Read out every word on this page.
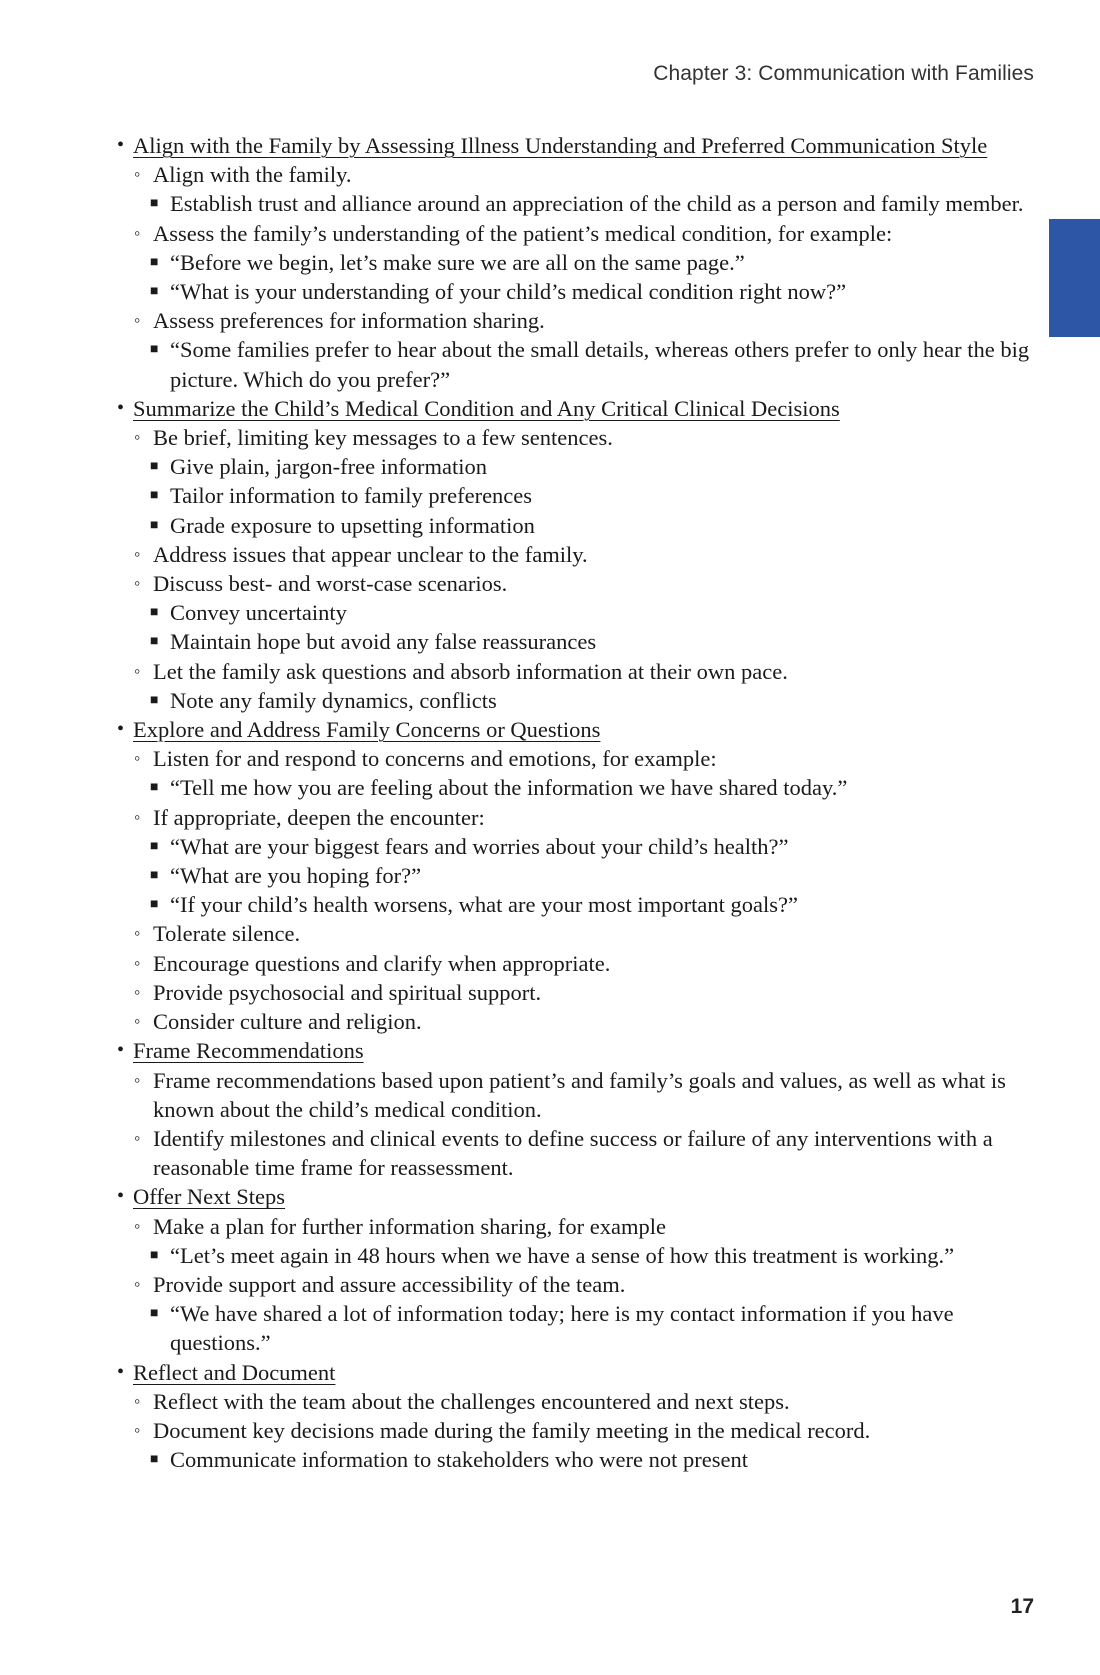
Chapter 3: Communication with Families
• Align with the Family by Assessing Illness Understanding and Preferred Communication Style
◦ Align with the family.
■ Establish trust and alliance around an appreciation of the child as a person and family member.
◦ Assess the family’s understanding of the patient’s medical condition, for example:
■ “Before we begin, let’s make sure we are all on the same page.”
■ “What is your understanding of your child’s medical condition right now?”
◦ Assess preferences for information sharing.
■ “Some families prefer to hear about the small details, whereas others prefer to only hear the big picture. Which do you prefer?”
• Summarize the Child’s Medical Condition and Any Critical Clinical Decisions
◦ Be brief, limiting key messages to a few sentences.
■ Give plain, jargon-free information
■ Tailor information to family preferences
■ Grade exposure to upsetting information
◦ Address issues that appear unclear to the family.
◦ Discuss best- and worst-case scenarios.
■ Convey uncertainty
■ Maintain hope but avoid any false reassurances
◦ Let the family ask questions and absorb information at their own pace.
■ Note any family dynamics, conflicts
• Explore and Address Family Concerns or Questions
◦ Listen for and respond to concerns and emotions, for example:
■ “Tell me how you are feeling about the information we have shared today.”
◦ If appropriate, deepen the encounter:
■ “What are your biggest fears and worries about your child’s health?”
■ “What are you hoping for?”
■ “If your child’s health worsens, what are your most important goals?”
◦ Tolerate silence.
◦ Encourage questions and clarify when appropriate.
◦ Provide psychosocial and spiritual support.
◦ Consider culture and religion.
• Frame Recommendations
◦ Frame recommendations based upon patient’s and family’s goals and values, as well as what is known about the child’s medical condition.
◦ Identify milestones and clinical events to define success or failure of any interventions with a reasonable time frame for reassessment.
• Offer Next Steps
◦ Make a plan for further information sharing, for example
■ “Let’s meet again in 48 hours when we have a sense of how this treatment is working.”
◦ Provide support and assure accessibility of the team.
■ “We have shared a lot of information today; here is my contact information if you have questions.”
• Reflect and Document
◦ Reflect with the team about the challenges encountered and next steps.
◦ Document key decisions made during the family meeting in the medical record.
■ Communicate information to stakeholders who were not present
17
